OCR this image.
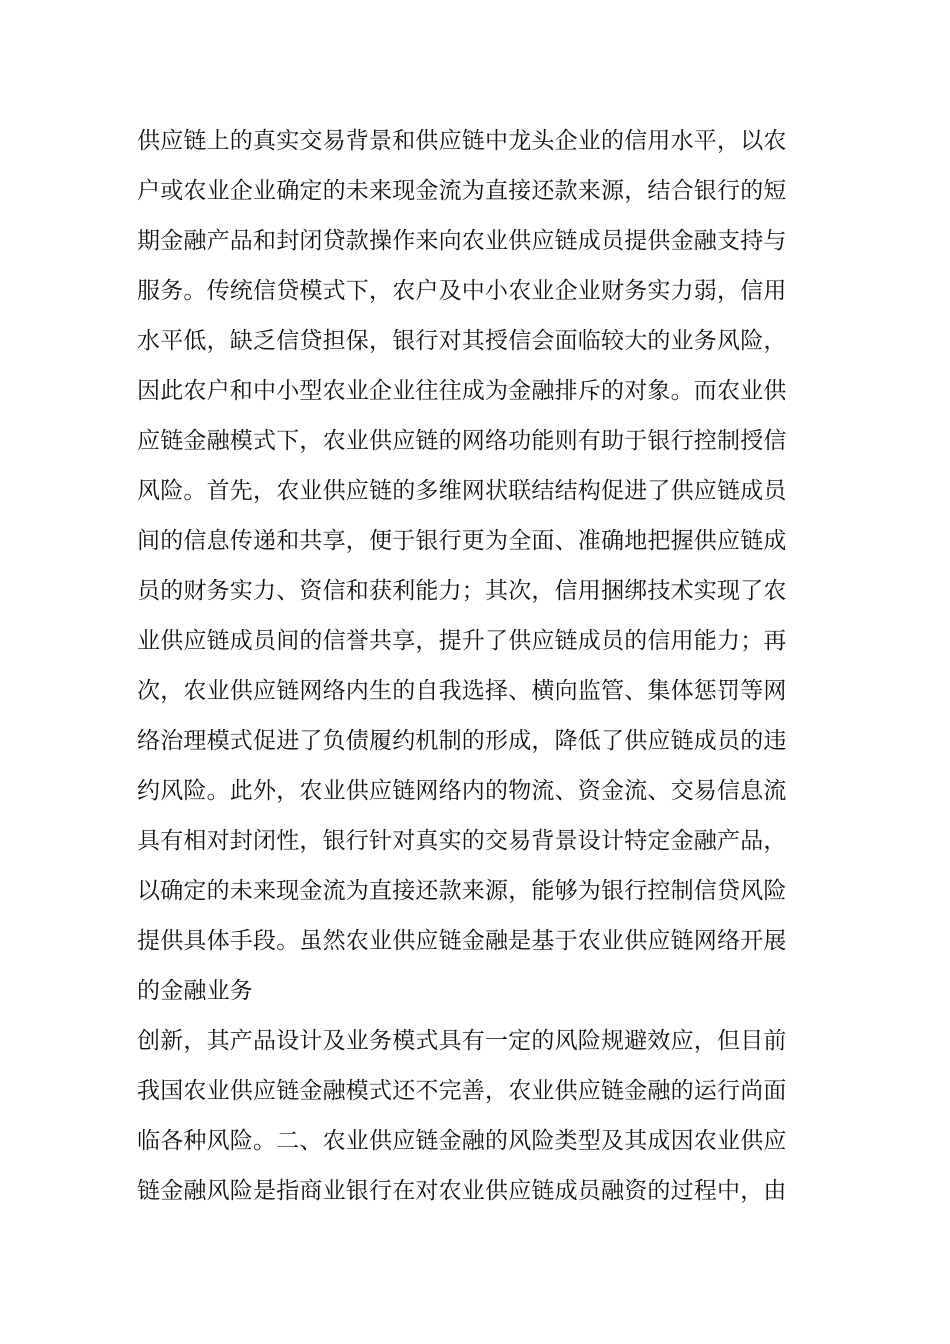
供应链上的真实交易背景和供应链中龙头企业的信用水平，以农
户或农业企业确定的未来现金流为直接还款来源，结合银行的短
期金融产品和封闭贷款操作来向农业供应链成员提供金融支持与
服务。传统信贷模式下，农户及中小农业企业财务实力弱，信用
水平低，缺乏信贷担保，银行对其授信会面临较大的业务风险，
因此农户和中小型农业企业往往成为金融排斥的对象。而农业供
应链金融模式下，农业供应链的网络功能则有助于银行控制授信
风险。首先，农业供应链的多维网状联结结构促进了供应链成员
间的信息传递和共享，便于银行更为全面、准确地把握供应链成
员的财务实力、资信和获利能力；其次，信用捆绑技术实现了农
业供应链成员间的信誉共享，提升了供应链成员的信用能力；再
次，农业供应链网络内生的自我选择、横向监管、集体惩罚等网
络治理模式促进了负债履约机制的形成，降低了供应链成员的违
约风险。此外，农业供应链网络内的物流、资金流、交易信息流
具有相对封闭性，银行针对真实的交易背景设计特定金融产品，
以确定的未来现金流为直接还款来源，能够为银行控制信贷风险
提供具体手段。虽然农业供应链金融是基于农业供应链网络开展
的金融业务
创新，其产品设计及业务模式具有一定的风险规避效应，但目前
我国农业供应链金融模式还不完善，农业供应链金融的运行尚面
临各种风险。二、农业供应链金融的风险类型及其成因农业供应
链金融风险是指商业银行在对农业供应链成员融资的过程中，由
